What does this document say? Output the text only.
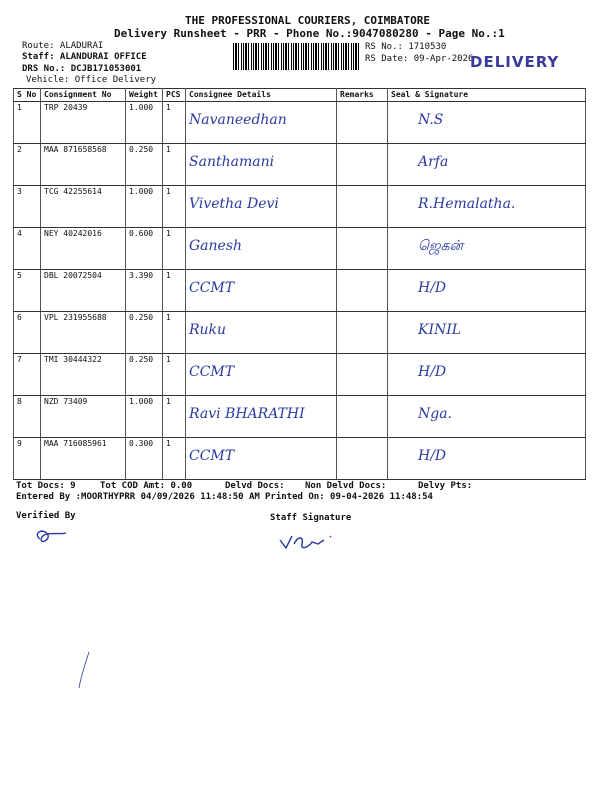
THE PROFESSIONAL COURIERS, COIMBATORE
Delivery Runsheet - PRR - Phone No.:9047080280 - Page No.:1
Route: ALADURAI
Staff: ALANDURAI OFFICE
DRS No.: DCJB171053001
Vehicle: Office Delivery
RS No.: 1710530
RS Date: 09-Apr-2026
DELIVERY
S No	Consignment No	Weight	PCS	Consignee Details	Remarks	Seal & Signature
1	TRP 20439	1.000	1	Navaneedhan		N.S
2	MAA 871658568	0.250	1	Santhamani		Arfa
3	TCG 42255614	1.000	1	Vivetha Devi		R.Hemalatha.
4	NEY 40242016	0.600	1	Ganesh		ஜெகன்
5	DBL 20072504	3.390	1	CCMT		H/D
6	VPL 231955688	0.250	1	Ruku		KINIL
7	TMI 30444322	0.250	1	CCMT		H/D
8	NZD 73409	1.000	1	Ravi BHARATHI		Nga.
9	MAA 716085961	0.300	1	CCMT		H/D
Tot Docs: 9	Tot COD Amt: 0.00	Delvd Docs: Non Delvd Docs:	Delvy Pts:
Entered By :MOORTHYPRR 04/09/2026 11:48:50 AM Printed On: 09-04-2026 11:48:54
Verified By	Staff Signature
